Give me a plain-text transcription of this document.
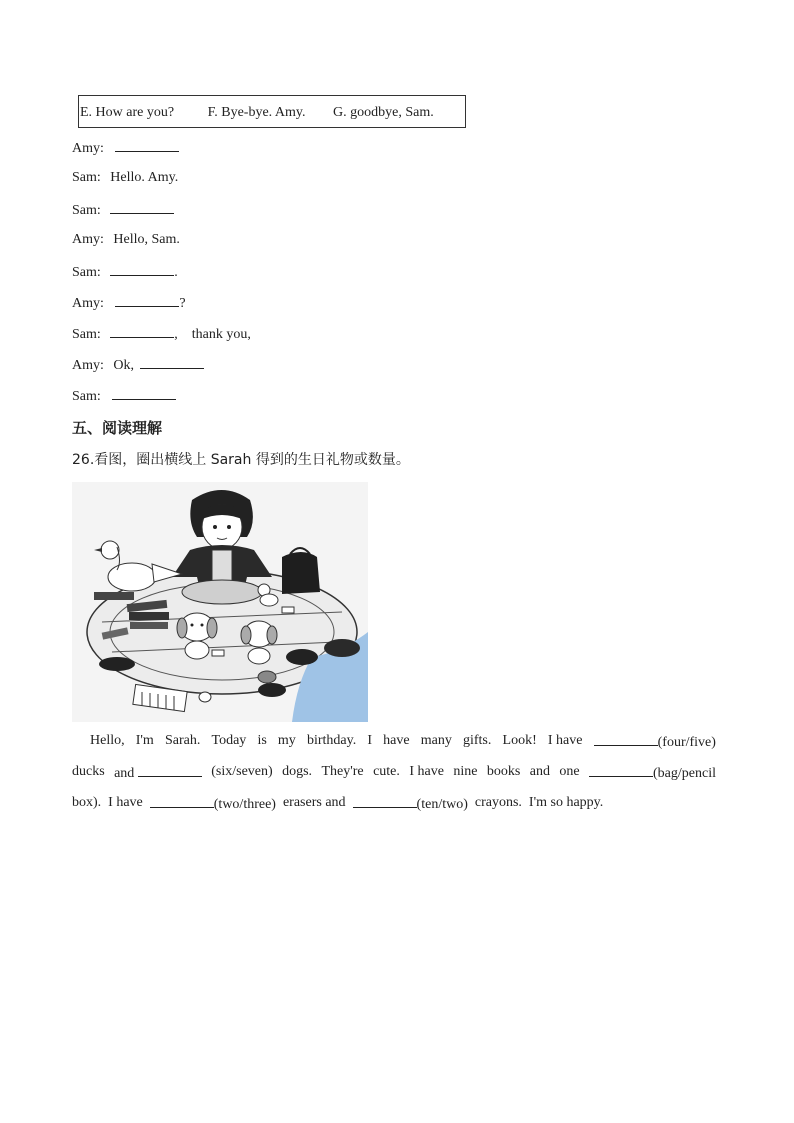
E. How are you? F. Bye-bye. Amy. G. goodbye, Sam.
Amy:
Sam: Hello. Amy.
Sam:
Amy: Hello, Sam.
Sam:	.
Amy:	?
Sam:	,    thank you,
Amy: Ok,
Sam:
五、阅读理解
26.看图，圈出横线上 Sarah 得到的生日礼物或数量。
Hello, I'm Sarah. Today is my birthday. I have many gifts. Look! I have	(four/five)
ducks and	(six/seven) dogs. They're cute. I have nine books and one	(bag/pencil
box). I have	(two/three) erasers and	(ten/two) crayons. I'm so happy.
